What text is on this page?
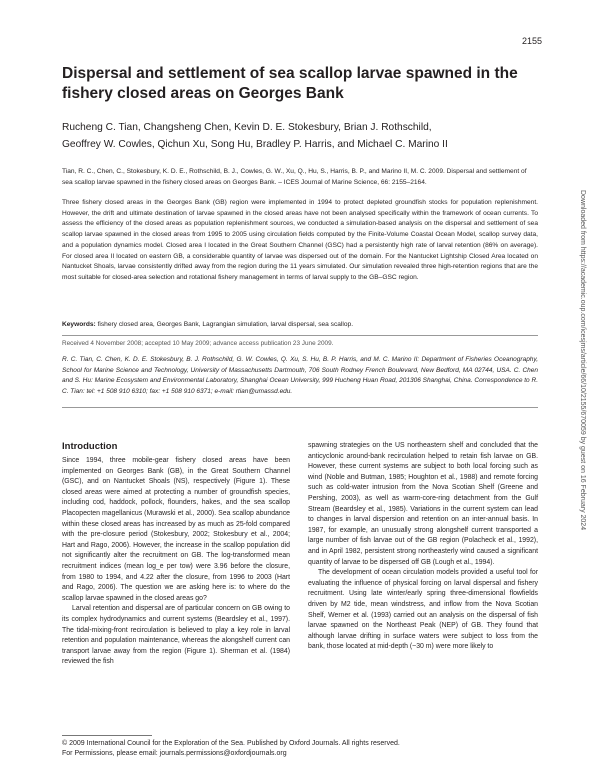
2155
Dispersal and settlement of sea scallop larvae spawned in the fishery closed areas on Georges Bank
Rucheng C. Tian, Changsheng Chen, Kevin D. E. Stokesbury, Brian J. Rothschild,
Geoffrey W. Cowles, Qichun Xu, Song Hu, Bradley P. Harris, and Michael C. Marino II
Tian, R. C., Chen, C., Stokesbury, K. D. E., Rothschild, B. J., Cowles, G. W., Xu, Q., Hu, S., Harris, B. P., and Marino II, M. C. 2009. Dispersal and settlement of sea scallop larvae spawned in the fishery closed areas on Georges Bank. – ICES Journal of Marine Science, 66: 2155–2164.
Three fishery closed areas in the Georges Bank (GB) region were implemented in 1994 to protect depleted groundfish stocks for population replenishment. However, the drift and ultimate destination of larvae spawned in the closed areas have not been analysed specifically within the framework of ocean currents. To assess the efficiency of the closed areas as population replenishment sources, we conducted a simulation-based analysis on the dispersal and settlement of sea scallop larvae spawned in the closed areas from 1995 to 2005 using circulation fields computed by the Finite-Volume Coastal Ocean Model, scallop survey data, and a population dynamics model. Closed area I located in the Great Southern Channel (GSC) had a persistently high rate of larval retention (86% on average). For closed area II located on eastern GB, a considerable quantity of larvae was dispersed out of the domain. For the Nantucket Lightship Closed Area located on Nantucket Shoals, larvae consistently drifted away from the region during the 11 years simulated. Our simulation revealed three high-retention regions that are the most suitable for closed-area selection and rotational fishery management in terms of larval supply to the GB–GSC region.
Keywords: fishery closed area, Georges Bank, Lagrangian simulation, larval dispersal, sea scallop.
Received 4 November 2008; accepted 10 May 2009; advance access publication 23 June 2009.
R. C. Tian, C. Chen, K. D. E. Stokesbury, B. J. Rothschild, G. W. Cowles, Q. Xu, S. Hu, B. P. Harris, and M. C. Marino II: Department of Fisheries Oceanography, School for Marine Science and Technology, University of Massachusetts Dartmouth, 706 South Rodney French Boulevard, New Bedford, MA 02744, USA. C. Chen and S. Hu: Marine Ecosystem and Environmental Laboratory, Shanghai Ocean University, 999 Hucheng Huan Road, 201306 Shanghai, China. Correspondence to R. C. Tian: tel: +1 508 910 6310; fax: +1 508 910 6371; e-mail: rtian@umassd.edu.
Introduction

Since 1994, three mobile-gear fishery closed areas have been implemented on Georges Bank (GB), in the Great Southern Channel (GSC), and on Nantucket Shoals (NS), respectively (Figure 1). These closed areas were aimed at protecting a number of groundfish species, including cod, haddock, pollock, flounders, hakes, and the sea scallop Placopecten magellanicus (Murawski et al., 2000). Sea scallop abundance within these closed areas has increased by as much as 25-fold compared with the pre-closure period (Stokesbury, 2002; Stokesbury et al., 2004; Hart and Rago, 2006). However, the increase in the scallop population did not significantly alter the recruitment on GB. The log-transformed mean recruitment indices (mean log_e per tow) were 3.96 before the closure, from 1980 to 1994, and 4.22 after the closure, from 1996 to 2003 (Hart and Rago, 2006). The question we are asking here is: to where do the scallop larvae spawned in the closed areas go?

Larval retention and dispersal are of particular concern on GB owing to its complex hydrodynamics and current systems (Beardsley et al., 1997). The tidal-mixing-front recirculation is believed to play a key role in larval retention and population maintenance, whereas the alongshelf current can transport larvae away from the region (Figure 1). Sherman et al. (1984) reviewed the fish

spawning strategies on the US northeastern shelf and concluded that the anticyclonic around-bank recirculation helped to retain fish larvae on GB. However, these current systems are subject to both local forcing such as wind (Noble and Butman, 1985; Houghton et al., 1988) and remote forcing such as cold-water intrusion from the Nova Scotian Shelf (Greene and Pershing, 2003), as well as warm-core-ring detachment from the Gulf Stream (Beardsley et al., 1985). Variations in the current system can lead to changes in larval dispersion and retention on an inter-annual basis. In 1987, for example, an unusually strong alongshelf current transported a large number of fish larvae out of the GB region (Polacheck et al., 1992), and in April 1982, persistent strong northeasterly wind caused a significant quantity of larvae to be dispersed off GB (Lough et al., 1994).

The development of ocean circulation models provided a useful tool for evaluating the influence of physical forcing on larval dispersal and fishery recruitment. Using late winter/early spring three-dimensional flowfields driven by M2 tide, mean windstress, and inflow from the Nova Scotian Shelf, Werner et al. (1993) carried out an analysis on the dispersal of fish larvae spawned on the Northeast Peak (NEP) of GB. They found that although larvae drifting in surface waters were subject to loss from the bank, those located at mid-depth (~30 m) were more likely to

© 2009 International Council for the Exploration of the Sea. Published by Oxford Journals. All rights reserved.
For Permissions, please email: journals.permissions@oxfordjournals.org
Downloaded from https://academic.oup.com/icesjms/article/66/10/2155/670059 by guest on 16 February 2024
